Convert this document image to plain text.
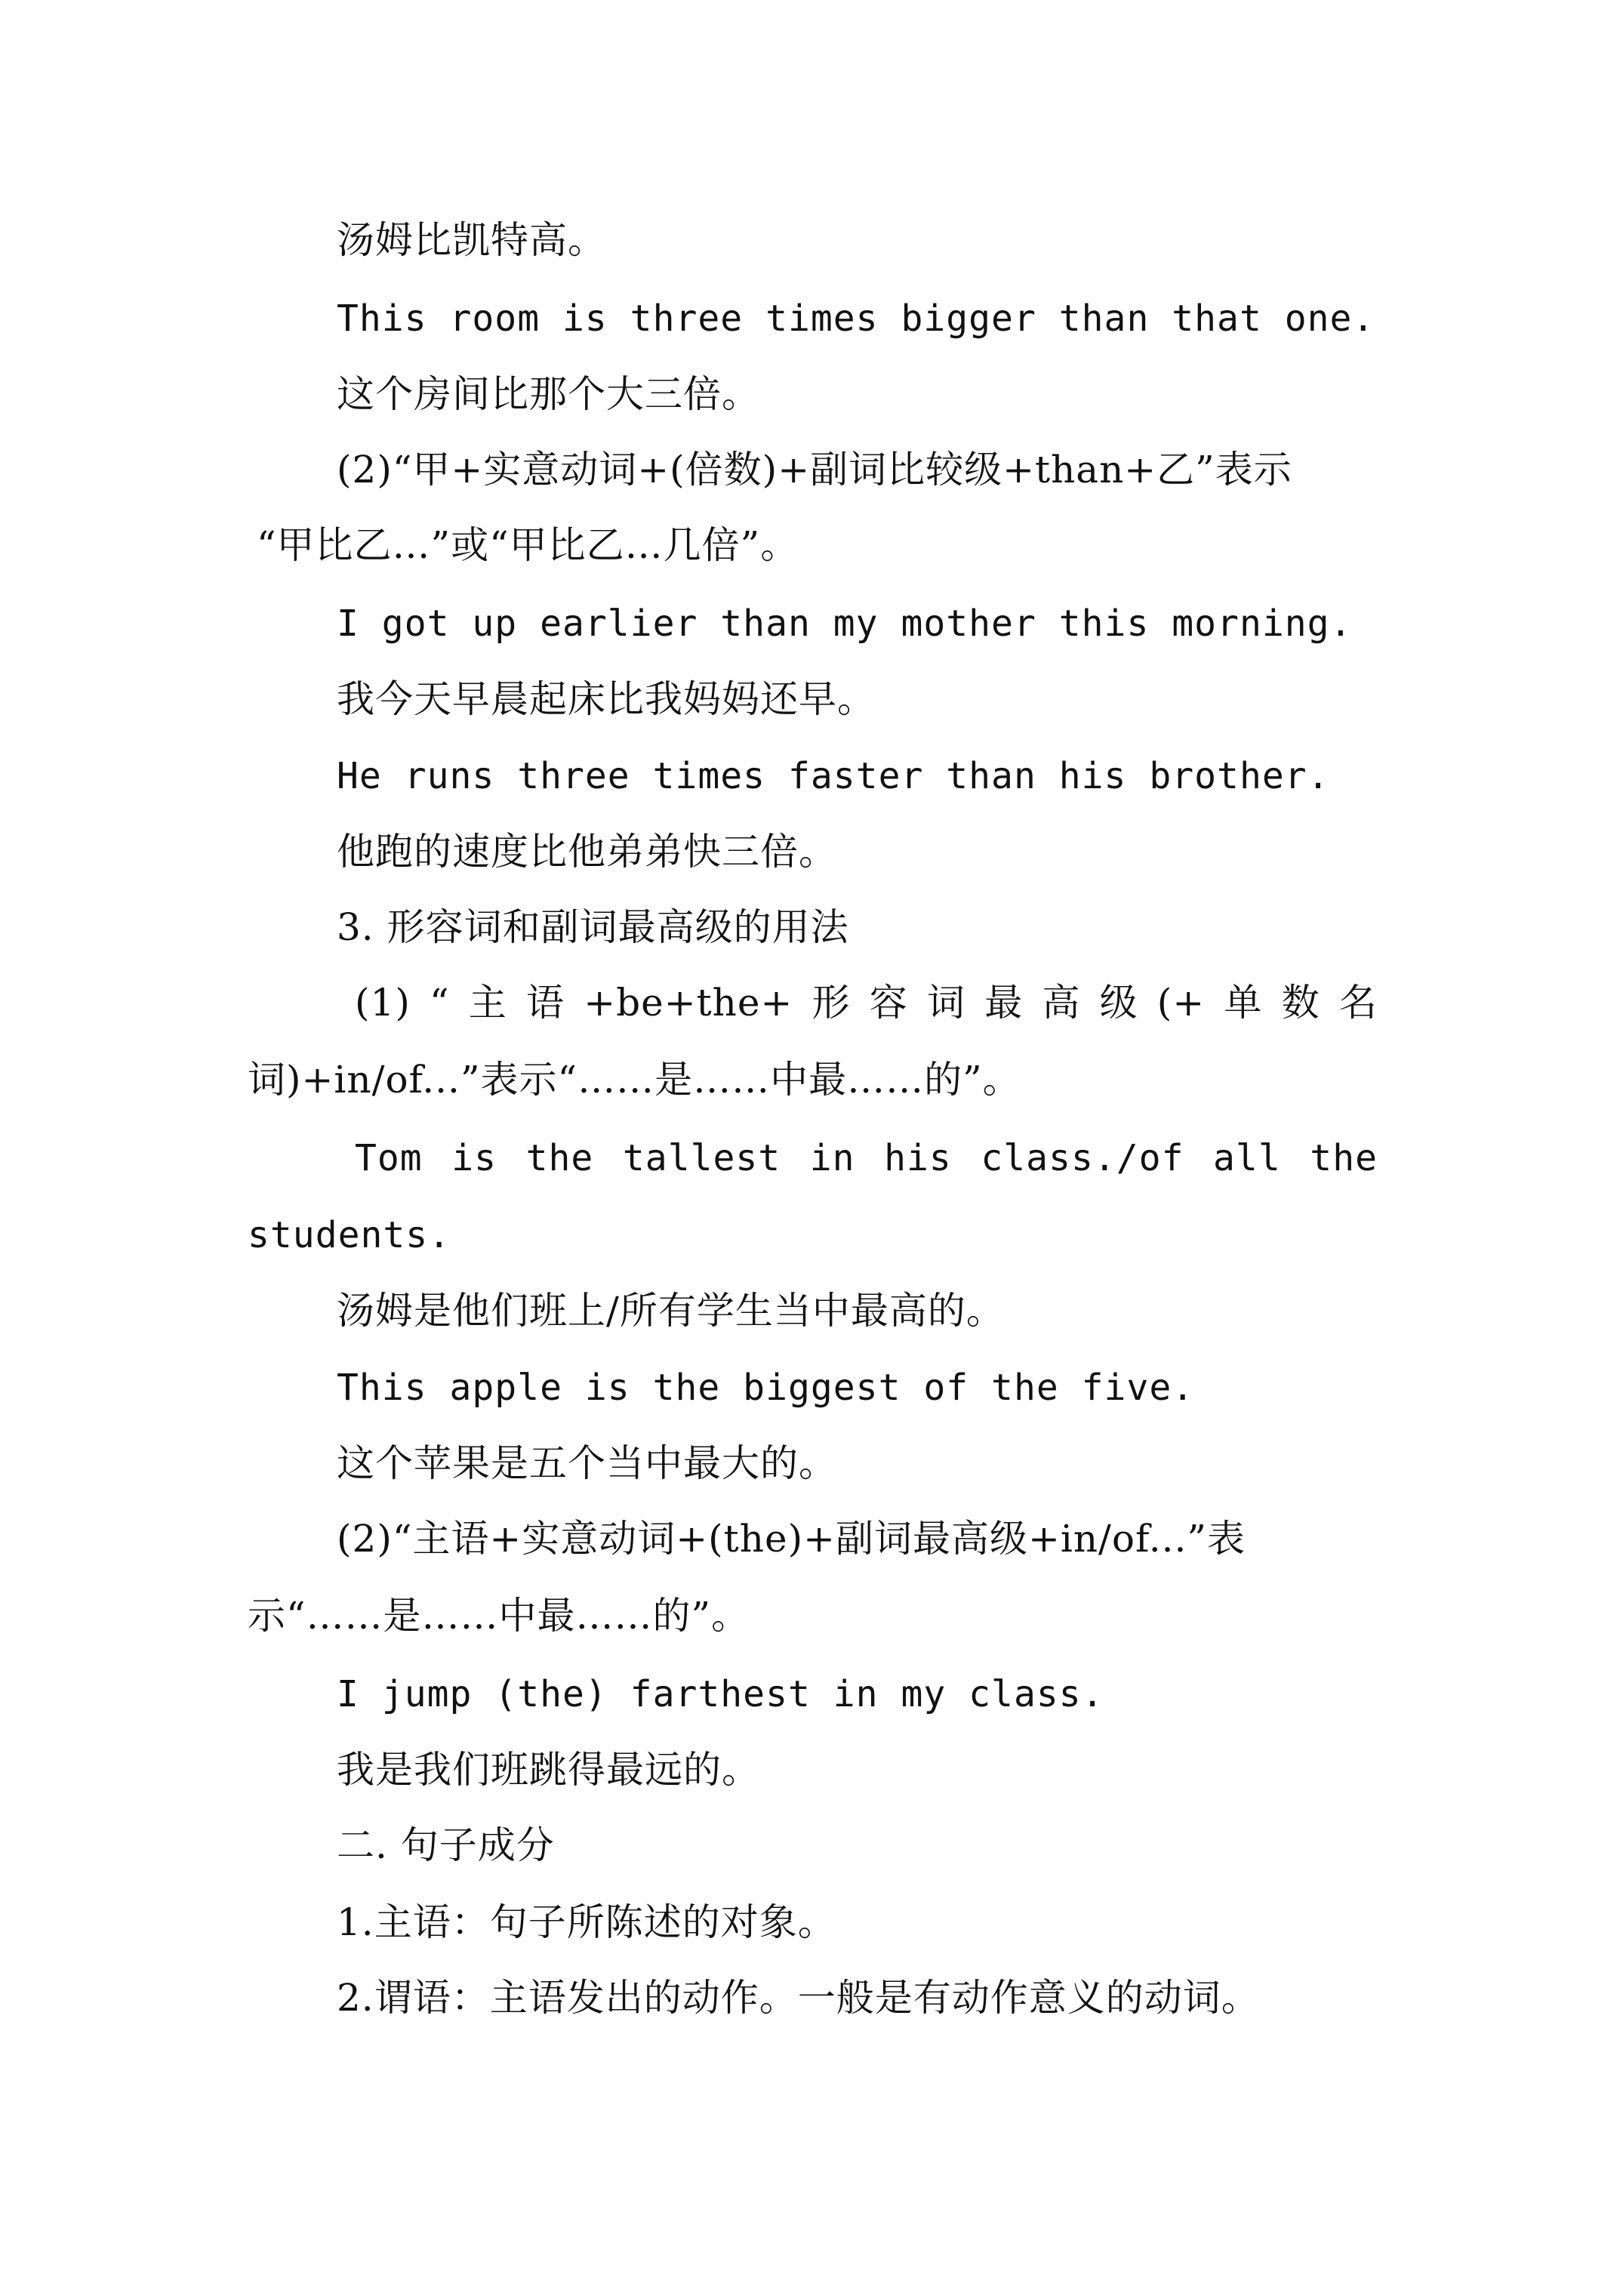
汤姆比凯特高。
This room is three times bigger than that one.
这个房间比那个大三倍。
(2)“甲+实意动词+(倍数)+副词比较级+than+乙”表示
“甲比乙…”或“甲比乙…几倍”。
I got up earlier than my mother this morning.
我今天早晨起床比我妈妈还早。
He runs three times faster than his brother.
他跑的速度比他弟弟快三倍。
3. 形容词和副词最高级的用法
(1) “ 主 语 +be+the+ 形 容 词 最 高 级 (+ 单 数 名
词)+in/of...”表示“……是……中最……的”。
Tom is the tallest in his class./of all the
students.
汤姆是他们班上/所有学生当中最高的。
This apple is the biggest of the five.
这个苹果是五个当中最大的。
(2)“主语+实意动词+(the)+副词最高级+in/of...”表
示“……是……中最……的”。
I jump (the) farthest in my class.
我是我们班跳得最远的。
二. 句子成分
1.主语：句子所陈述的对象。
2.谓语：主语发出的动作。一般是有动作意义的动词。
